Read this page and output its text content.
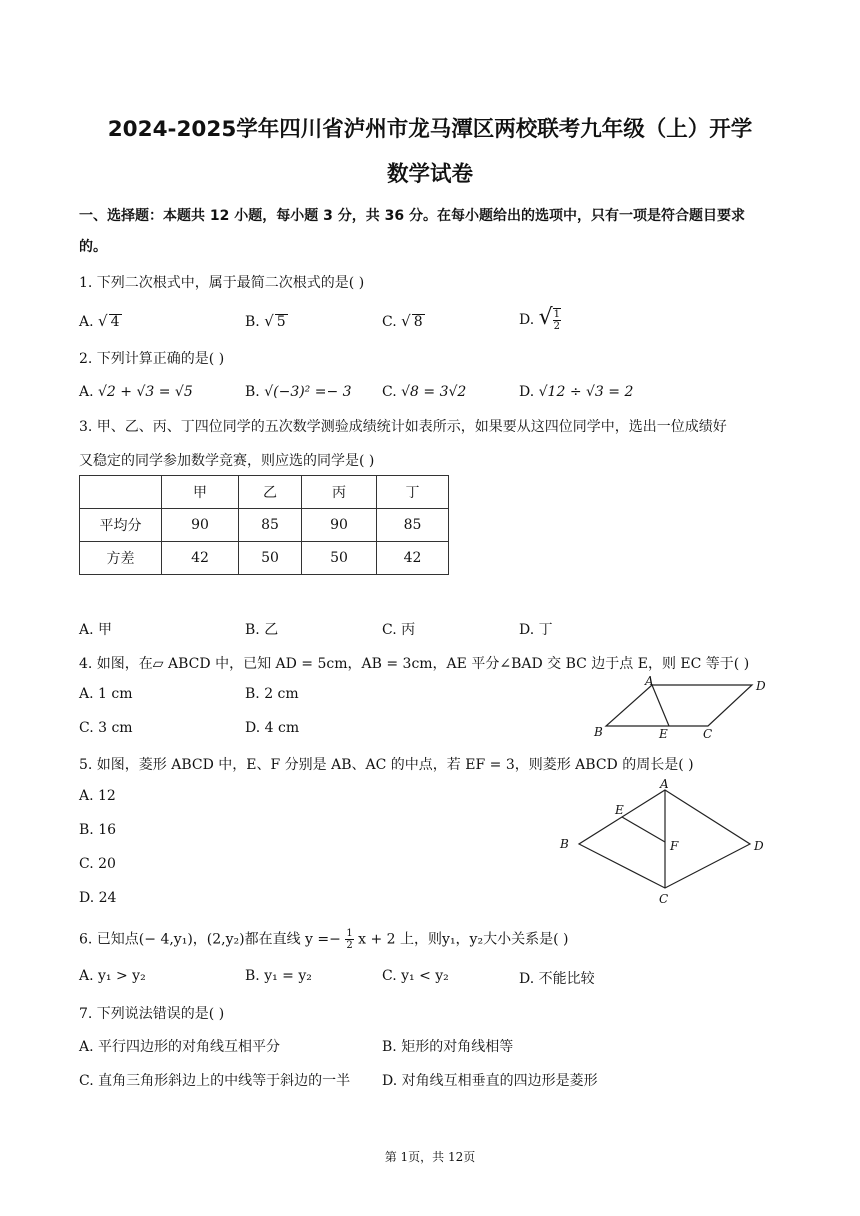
2024-2025学年四川省泸州市龙马潭区两校联考九年级（上）开学
数学试卷
一、选择题：本题共 12 小题，每小题 3 分，共 36 分。在每小题给出的选项中，只有一项是符合题目要求
的。
1. 下列二次根式中，属于最简二次根式的是( )
A. √ 4	B. √ 5	C. √ 8	D. √ $\frac{1}{2}$
2. 下列计算正确的是( )
A. √2 + √3 = √5	B. √(−3)² =− 3 C. √8 = 3√2	D. √12 ÷ √3 = 2
3. 甲、乙、丙、丁四位同学的五次数学测验成绩统计如表所示，如果要从这四位同学中，选出一位成绩好
又稳定的同学参加数学竞赛，则应选的同学是( )
	甲	乙	丙	丁
平均分	90	85	90	85
方差	42	50	50	42
A. 甲	B. 乙	C. 丙	D. 丁
4. 如图，在▱ ABCD 中，已知 AD = 5cm，AB = 3cm，AE 平分∠BAD 交 BC 边于点 E，则 EC 等于( )
A. 1 cm	B. 2 cm
C. 3 cm	D. 4 cm
A	D
B	E	C
5. 如图，菱形 ABCD 中，E、F 分别是 AB、AC 的中点，若 EF = 3，则菱形 ABCD 的周长是( )
A. 12
B. 16
C. 20
D. 24
A
B
C
D
E
F
6. 已知点(− 4,y₁)，(2,y₂)都在直线 $y =- \frac{1}{2}$ x + 2 上，则y₁，y₂大小关系是( )
A. y₁ > y₂	B. y₁ = y₂	C. y₁ < y₂	D. 不能比较
7. 下列说法错误的是( )
A. 平行四边形的对角线互相平分	B. 矩形的对角线相等
C. 直角三角形斜边上的中线等于斜边的一半 D. 对角线互相垂直的四边形是菱形
第 1页，共 12页
